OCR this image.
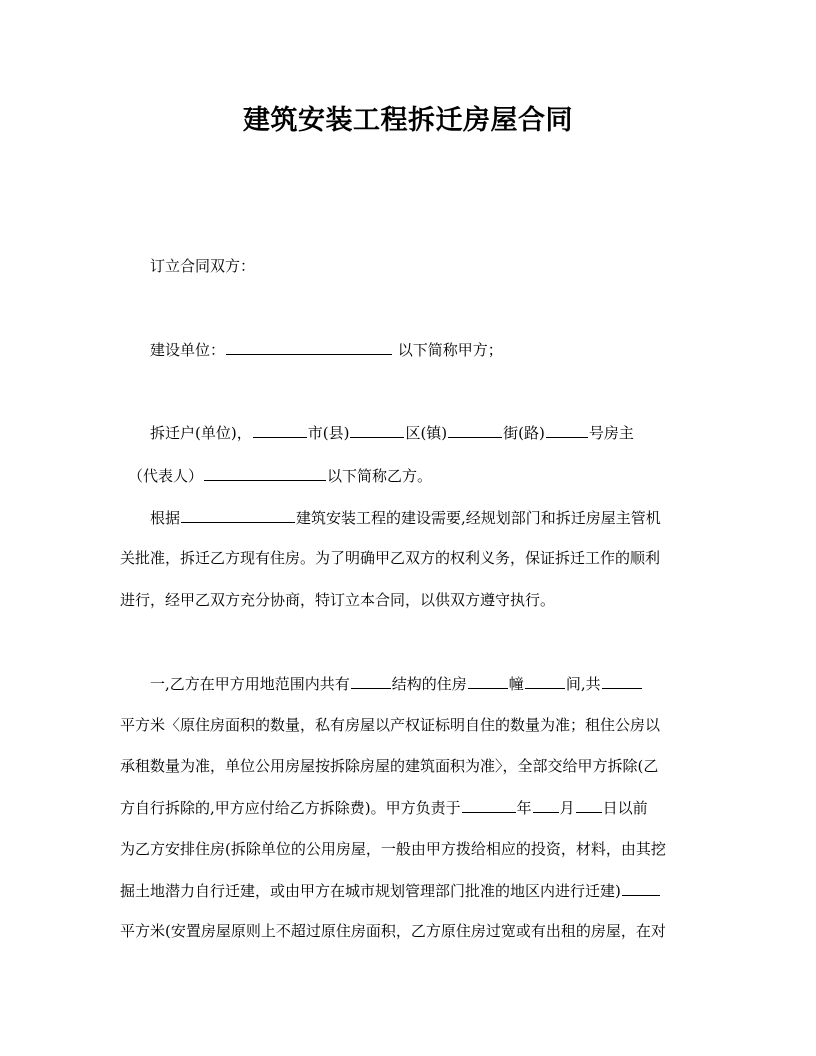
建筑安装工程拆迁房屋合同
订立合同双方：
建设单位：	以下简称甲方；
拆迁户(单位)，	市(县)	区(镇)	街(路)	号房主
（代表人）	以下简称乙方。
根据	建筑安装工程的建设需要,经规划部门和拆迁房屋主管机
关批准，拆迁乙方现有住房。为了明确甲乙双方的权利义务，保证拆迁工作的顺利
进行，经甲乙双方充分协商，特订立本合同，以供双方遵守执行。
一,乙方在甲方用地范围内共有	结构的住房	幢	间,共
平方米〈原住房面积的数量，私有房屋以产权证标明自住的数量为准；租住公房以
承租数量为准，单位公用房屋按拆除房屋的建筑面积为准〉，全部交给甲方拆除(乙
方自行拆除的,甲方应付给乙方拆除费)。甲方负责于	年 月 日以前
为乙方安排住房(拆除单位的公用房屋，一般由甲方拨给相应的投资，材料，由其挖
掘土地潜力自行迁建，或由甲方在城市规划管理部门批准的地区内进行迁建)
平方米(安置房屋原则上不超过原住房面积，乙方原住房过宽或有出租的房屋，在对
